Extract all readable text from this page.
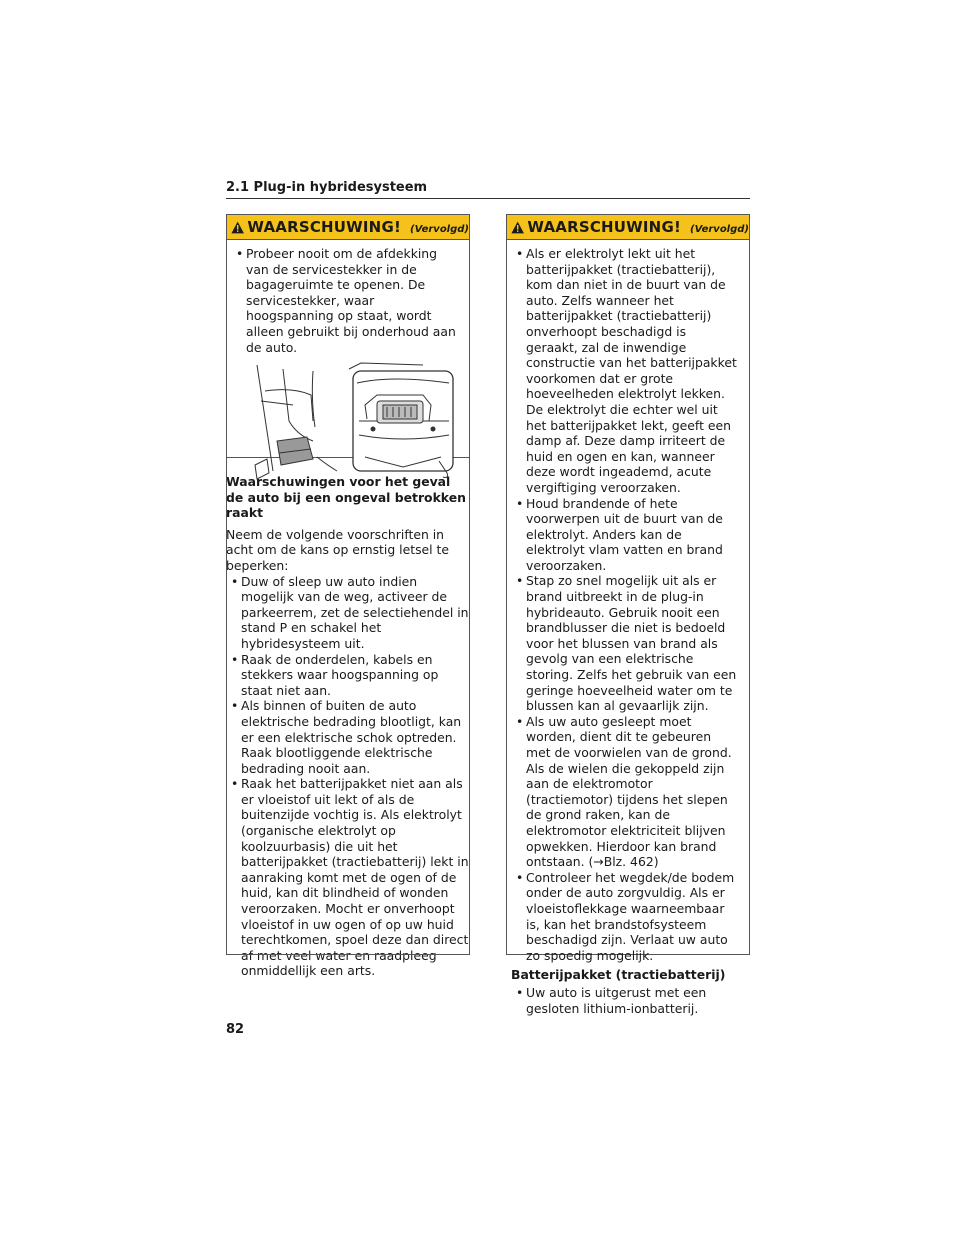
2.1 Plug-in hybridesysteem
WAARSCHUWING! (Vervolgd)

• Probeer nooit om de afdekking van de servicestekker in de bagageruimte te openen. De servicestekker, waar hoogspanning op staat, wordt alleen gebruikt bij onderhoud aan de auto.

Waarschuwingen voor het geval de auto bij een ongeval betrokken raakt

Neem de volgende voorschriften in acht om de kans op ernstig letsel te beperken:

• Duw of sleep uw auto indien mogelijk van de weg, activeer de parkeerrem, zet de selectiehendel in stand P en schakel het hybridesysteem uit.

• Raak de onderdelen, kabels en stekkers waar hoogspanning op staat niet aan.

• Als binnen of buiten de auto elektrische bedrading blootligt, kan er een elektrische schok optreden. Raak blootliggende elektrische bedrading nooit aan.

• Raak het batterijpakket niet aan als er vloeistof uit lekt of als de buitenzijde vochtig is. Als elektrolyt (organische elektrolyt op koolzuurbasis) die uit het batterijpakket (tractiebatterij) lekt in aanraking komt met de ogen of de huid, kan dit blindheid of wonden veroorzaken. Mocht er onverhoopt vloeistof in uw ogen of op uw huid terechtkomen, spoel deze dan direct af met veel water en raadpleeg onmiddellijk een arts.

WAARSCHUWING! (Vervolgd)

• Als er elektrolyt lekt uit het batterijpakket (tractiebatterij), kom dan niet in de buurt van de auto. Zelfs wanneer het batterijpakket (tractiebatterij) onverhoopt beschadigd is geraakt, zal de inwendige constructie van het batterijpakket voorkomen dat er grote hoeveelheden elektrolyt lekken. De elektrolyt die echter wel uit het batterijpakket lekt, geeft een damp af. Deze damp irriteert de huid en ogen en kan, wanneer deze wordt ingeademd, acute vergiftiging veroorzaken.

• Houd brandende of hete voorwerpen uit de buurt van de elektrolyt. Anders kan de elektrolyt vlam vatten en brand veroorzaken.

• Stap zo snel mogelijk uit als er brand uitbreekt in de plug-in hybrideauto. Gebruik nooit een brandblusser die niet is bedoeld voor het blussen van brand als gevolg van een elektrische storing. Zelfs het gebruik van een geringe hoeveelheid water om te blussen kan al gevaarlijk zijn.

• Als uw auto gesleept moet worden, dient dit te gebeuren met de voorwielen van de grond. Als de wielen die gekoppeld zijn aan de elektromotor (tractiemotor) tijdens het slepen de grond raken, kan de elektromotor elektriciteit blijven opwekken. Hierdoor kan brand ontstaan. (→Blz. 462)

• Controleer het wegdek/de bodem onder de auto zorgvuldig. Als er vloeistoflekkage waarneembaar is, kan het brandstofsysteem beschadigd zijn. Verlaat uw auto zo spoedig mogelijk.

Batterijpakket (tractiebatterij)

• Uw auto is uitgerust met een gesloten lithium-ionbatterij.

82
